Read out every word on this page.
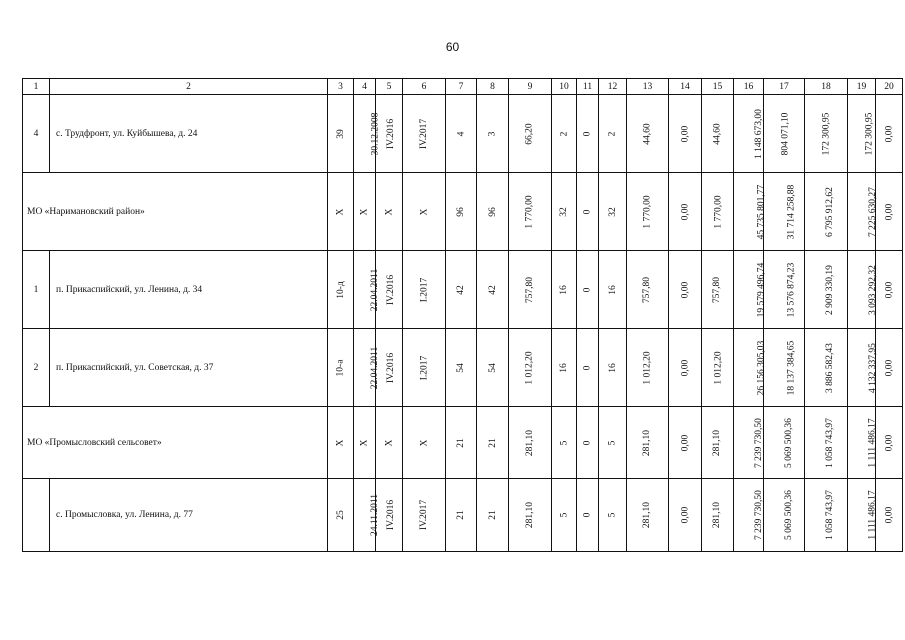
60
1	2	3	4	5	6	7	8	9	10	11	12	13	14	15	16	17	18	19	20
4	с. Трудфронт, ул. Куйбышева, д. 24	39	30.12.2008	IV.2016	IV.2017	4	3	66,20	2	0	2	44,60	0,00	44,60	1 148 673,00	804 071,10	172 300,95	172 300,95	0,00
МО «Наримановский район»		X	X	X	X	96	96	1 770,00	32	0	32	1 770,00	0,00	1 770,00	45 735 801,77	31 714 258,88	6 795 912,62	7 225 630,27	0,00
1	п. Прикаспийский, ул. Ленина, д. 34	10-д	22.04.2011	IV.2016	I.2017	42	42	757,80	16	0	16	757,80	0,00	757,80	19 579 496,74	13 576 874,23	2 909 330,19	3 093 292,32	0,00
2	п. Прикаспийский, ул. Советская, д. 37	10-а	22.04.2011	IV.2016	I.2017	54	54	1 012,20	16	0	16	1 012,20	0,00	1 012,20	26 156 305,03	18 137 384,65	3 886 582,43	4 132 337,95	0,00
МО «Промысловский сельсовет»		X	X	X	X	21	21	281,10	5	0	5	281,10	0,00	281,10	7 239 730,50	5 069 500,36	1 058 743,97	1 111 486,17	0,00
	с. Промысловка, ул. Ленина, д. 77	25	24.11.2011	IV.2016	IV.2017	21	21	281,10	5	0	5	281,10	0,00	281,10	7 239 730,50	5 069 500,36	1 058 743,97	1 111 486,17	0,00
